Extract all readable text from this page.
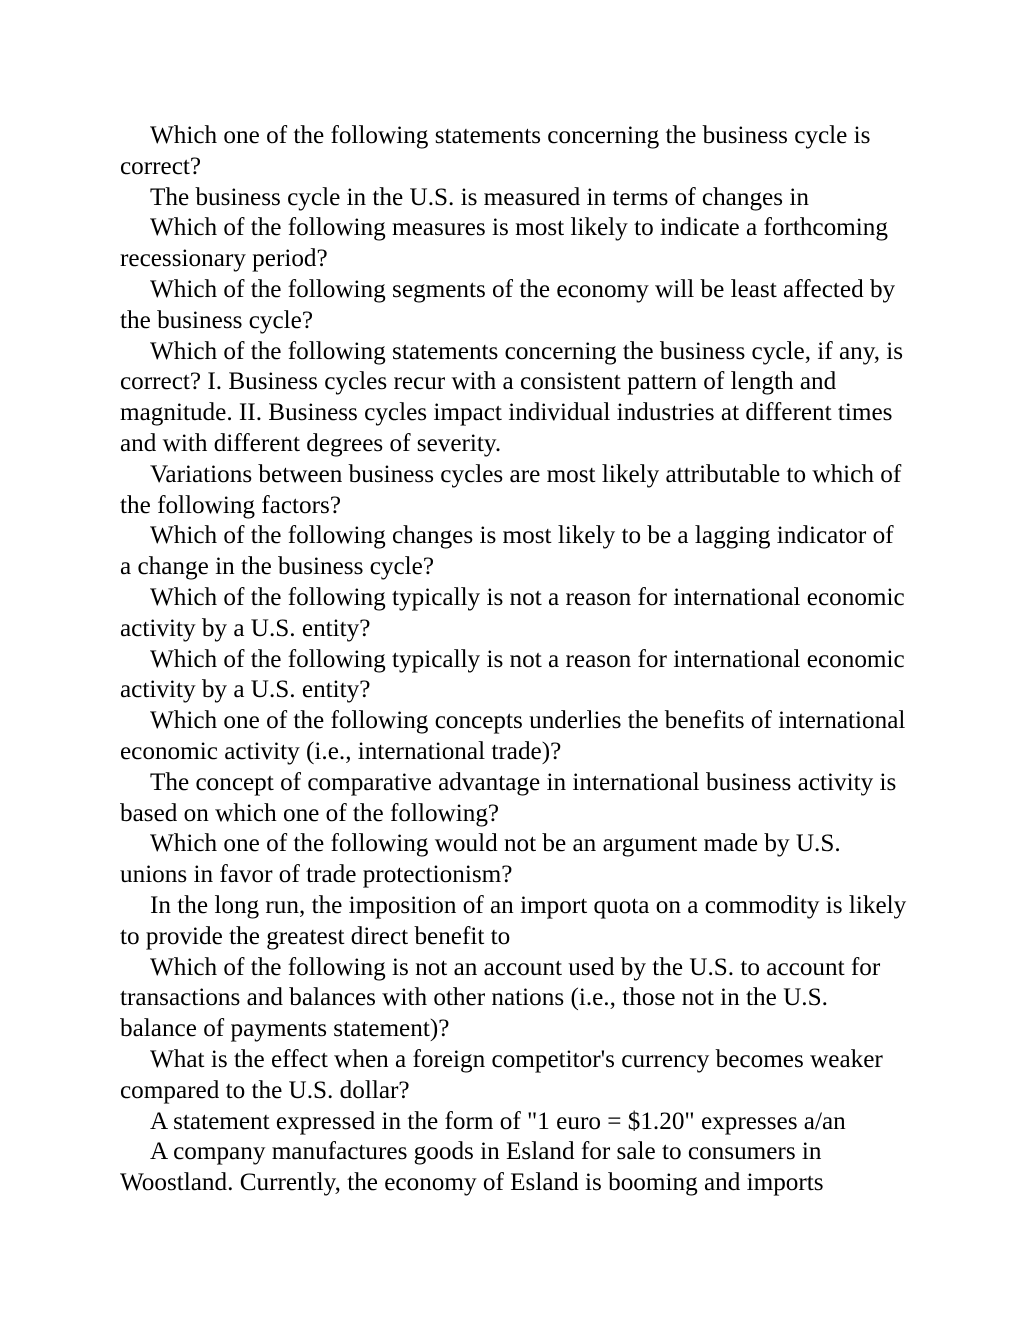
Which one of the following statements concerning the business cycle is correct?

The business cycle in the U.S. is measured in terms of changes in

Which of the following measures is most likely to indicate a forthcoming recessionary period?

Which of the following segments of the economy will be least affected by the business cycle?

Which of the following statements concerning the business cycle, if any, is correct? I. Business cycles recur with a consistent pattern of length and magnitude. II. Business cycles impact individual industries at different times and with different degrees of severity.

Variations between business cycles are most likely attributable to which of the following factors?

Which of the following changes is most likely to be a lagging indicator of a change in the business cycle?

Which of the following typically is not a reason for international economic activity by a U.S. entity?

Which of the following typically is not a reason for international economic activity by a U.S. entity?

Which one of the following concepts underlies the benefits of international economic activity (i.e., international trade)?

The concept of comparative advantage in international business activity is based on which one of the following?

Which one of the following would not be an argument made by U.S. unions in favor of trade protectionism?

In the long run, the imposition of an import quota on a commodity is likely to provide the greatest direct benefit to

Which of the following is not an account used by the U.S. to account for transactions and balances with other nations (i.e., those not in the U.S. balance of payments statement)?

What is the effect when a foreign competitor's currency becomes weaker compared to the U.S. dollar?

A statement expressed in the form of "1 euro = $1.20" expresses a/an

A company manufactures goods in Esland for sale to consumers in Woostland. Currently, the economy of Esland is booming and imports
